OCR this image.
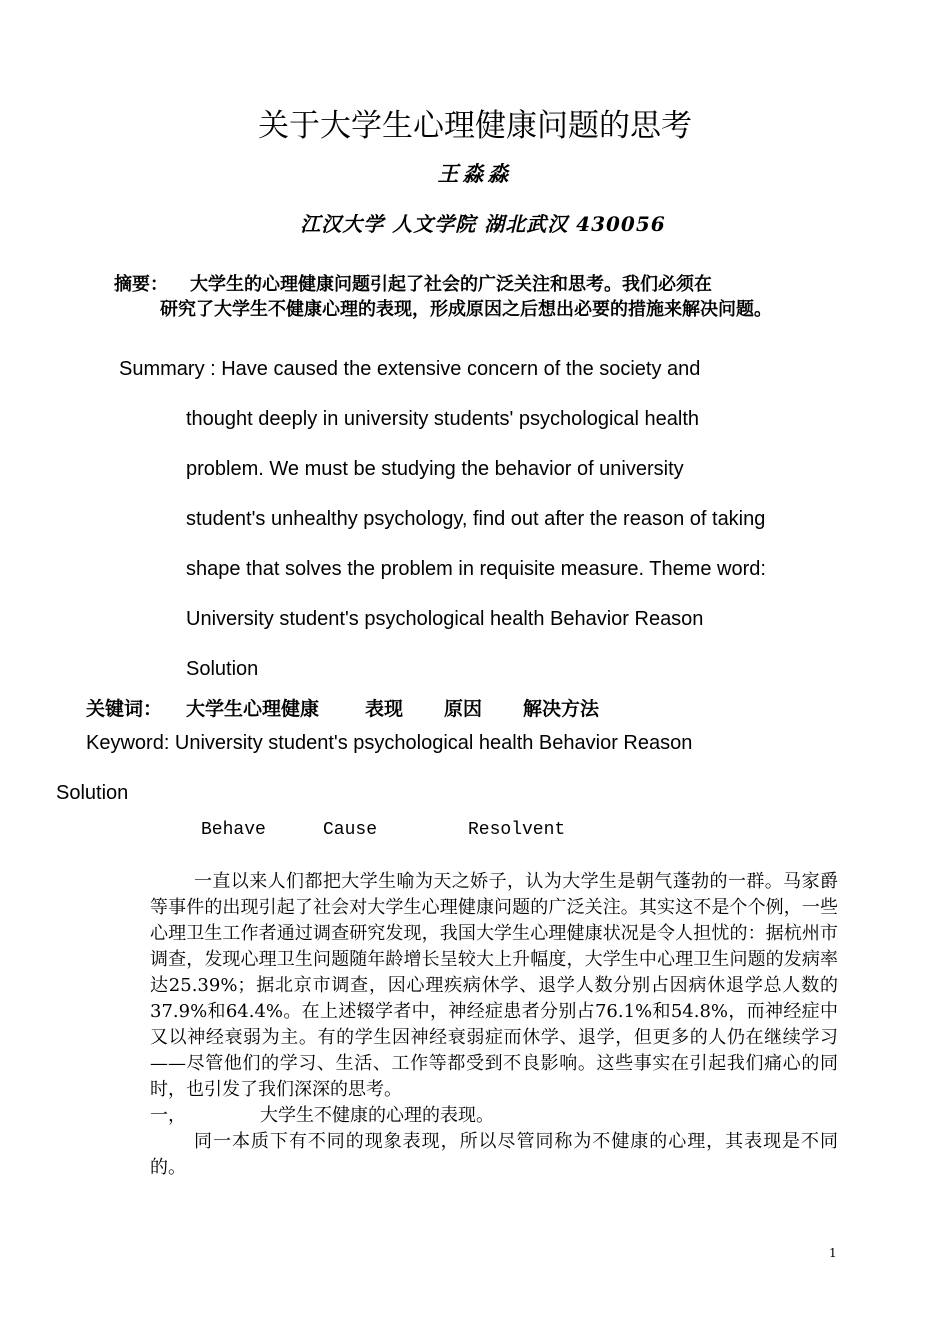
关于大学生心理健康问题的思考
王淼淼
江汉大学 人文学院 湖北武汉 430056
摘要： 大学生的心理健康问题引起了社会的广泛关注和思考。我们必须在
研究了大学生不健康心理的表现，形成原因之后想出必要的措施来解决问题。
Summary : Have caused the extensive concern of the society and
thought deeply in university students' psychological health
problem. We must be studying the behavior of university
student's unhealthy psychology, find out after the reason of taking
shape that solves the problem in requisite measure. Theme word:
University student's psychological health Behavior Reason
Solution
关键词： 大学生心理健康 表现 原因 解决方法
Keyword: University student's psychological health Behavior Reason
Solution
Behave	Cause	Resolvent
一直以来人们都把大学生喻为天之娇子，认为大学生是朝气蓬勃的一群。马家爵等事件的出现引起了社会对大学生心理健康问题的广泛关注。其实这不是个个例，一些心理卫生工作者通过调查研究发现，我国大学生心理健康状况是令人担忧的：据杭州市调查，发现心理卫生问题随年龄增长呈较大上升幅度，大学生中心理卫生问题的发病率达25.39%；据北京市调查，因心理疾病休学、退学人数分别占因病休退学总人数的37.9%和64.4%。在上述辍学者中，神经症患者分别占76.1%和54.8%，而神经症中又以神经衰弱为主。有的学生因神经衰弱症而休学、退学，但更多的人仍在继续学习——尽管他们的学习、生活、工作等都受到不良影响。这些事实在引起我们痛心的同时，也引发了我们深深的思考。
一，	大学生不健康的心理的表现。
同一本质下有不同的现象表现，所以尽管同称为不健康的心理，其表现是不同的。
1
